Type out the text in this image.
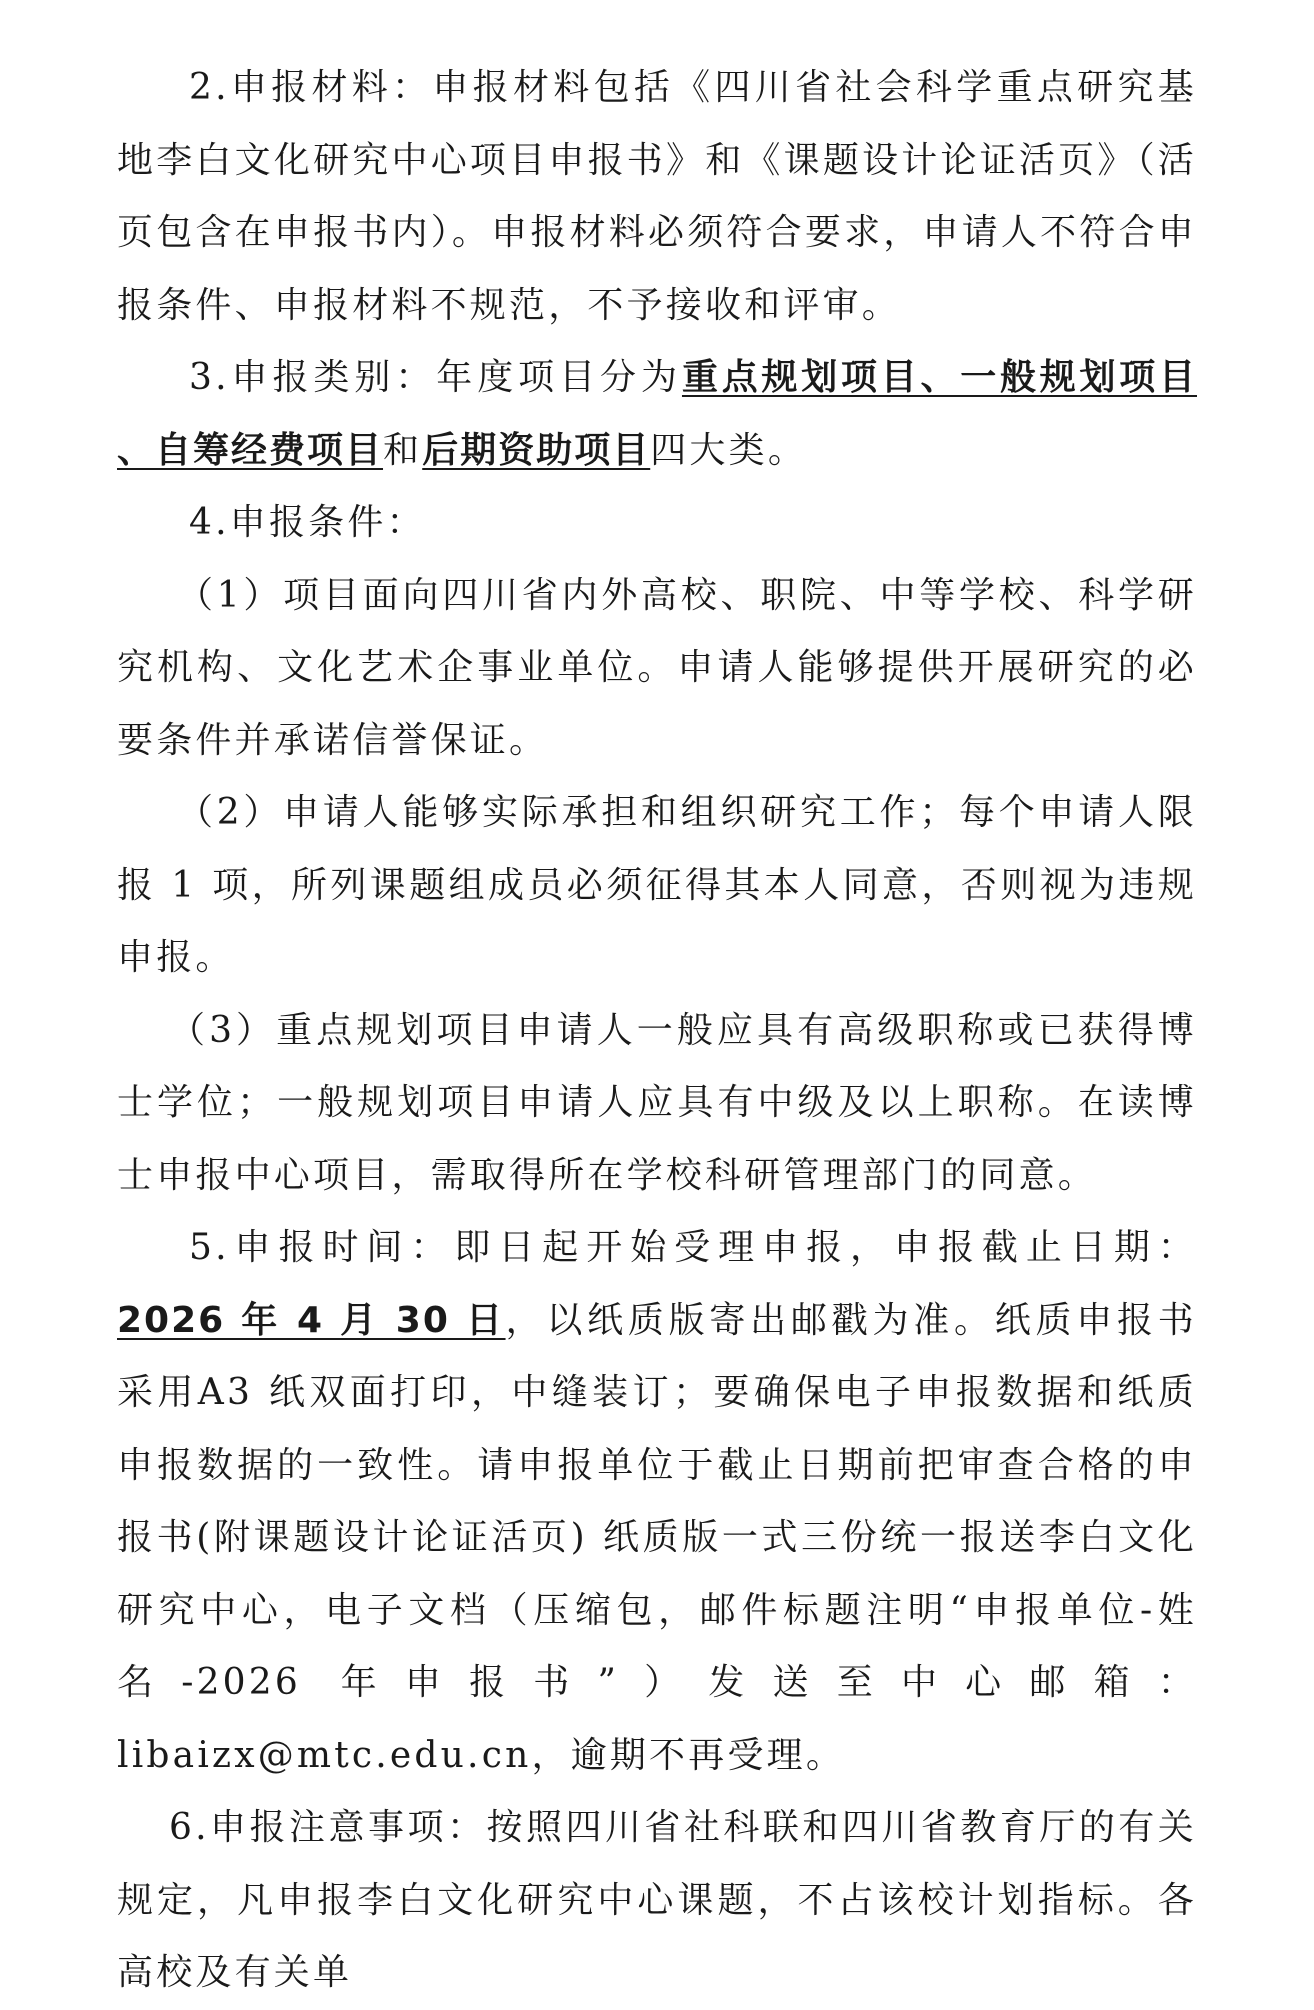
2.申报材料：申报材料包括《四川省社会科学重点研究基地李白文化研究中心项目申报书》和《课题设计论证活页》（活页包含在申报书内）。申报材料必须符合要求，申请人不符合申报条件、申报材料不规范，不予接收和评审。

3.申报类别：年度项目分为重点规划项目、一般规划项目 、自筹经费项目和后期资助项目四大类。

4.申报条件：

（1）项目面向四川省内外高校、职院、中等学校、科学研究机构、文化艺术企事业单位。申请人能够提供开展研究的必要条件并承诺信誉保证。

（2）申请人能够实际承担和组织研究工作；每个申请人限报 1 项，所列课题组成员必须征得其本人同意，否则视为违规申报。

（3）重点规划项目申请人一般应具有高级职称或已获得博士学位；一般规划项目申请人应具有中级及以上职称。在读博士申报中心项目，需取得所在学校科研管理部门的同意。

5.申报时间：即日起开始受理申报，申报截止日期：2026 年 4 月 30 日，以纸质版寄出邮戳为准。纸质申报书采用A3 纸双面打印，中缝装订；要确保电子申报数据和纸质申报数据的一致性。请申报单位于截止日期前把审查合格的申报书(附课题设计论证活页) 纸质版一式三份统一报送李白文化研究中心，电子文档（压缩包，邮件标题注明“申报单位-姓名-2026 年申报书”）发送至中心邮箱：libaizx@mtc.edu.cn，逾期不再受理。

6.申报注意事项：按照四川省社科联和四川省教育厅的有关规定，凡申报李白文化研究中心课题，不占该校计划指标。各高校及有关单
